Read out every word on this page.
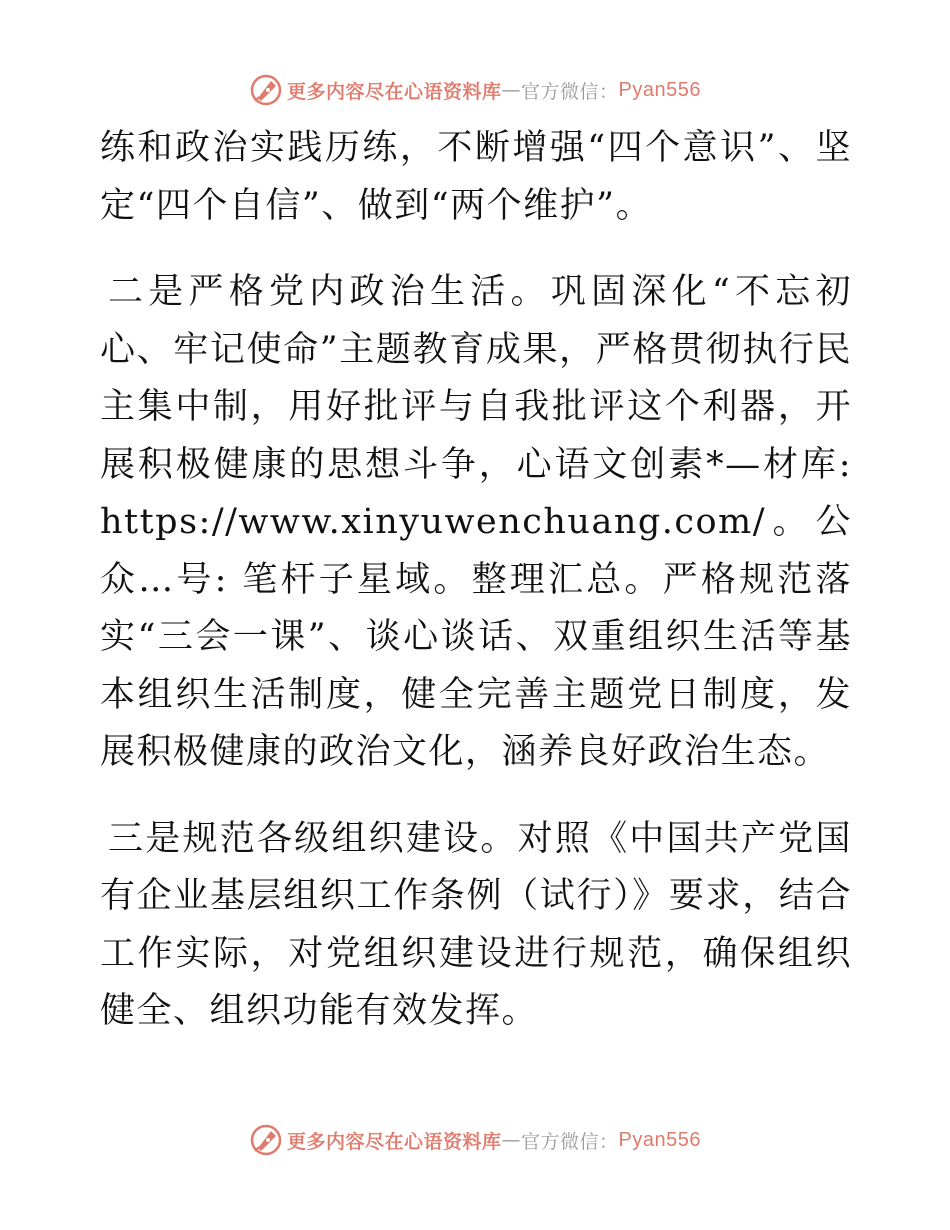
更多内容尽在心语资料库 — 官方微信： Pyan556

练和政治实践历练，不断增强“四个意识”、坚定“四个自信”、做到“两个维护”。

二是严格党内政治生活。巩固深化“不忘初心、牢记使命”主题教育成果，严格贯彻执行民主集中制，用好批评与自我批评这个利器，开展积极健康的思想斗争，心语文创素*—材库: https://www.xinyuwenchuang.com/。公众…号: 笔杆子星域。整理汇总。严格规范落实“三会一课”、谈心谈话、双重组织生活等基本组织生活制度，健全完善主题党日制度，发展积极健康的政治文化，涵养良好政治生态。

三是规范各级组织建设。对照《中国共产党国有企业基层组织工作条例（试行）》要求，结合工作实际，对党组织建设进行规范，确保组织健全、组织功能有效发挥。

更多内容尽在心语资料库 — 官方微信： Pyan556
